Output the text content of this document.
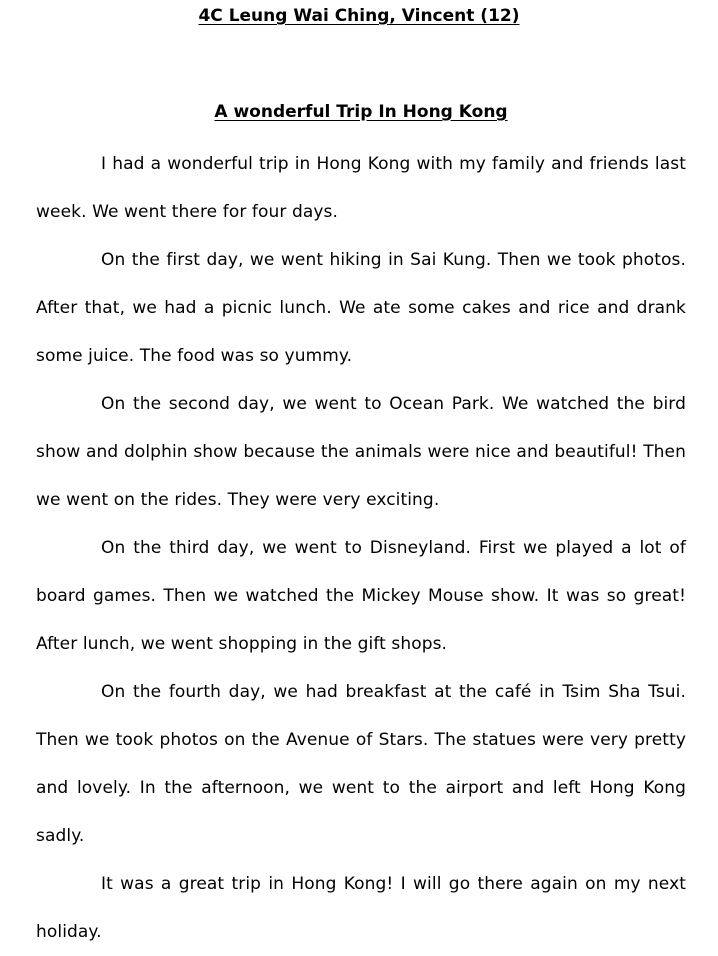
4C Leung Wai Ching, Vincent (12)
A wonderful Trip In Hong Kong

I had a wonderful trip in Hong Kong with my family and friends last week. We went there for four days.

On the first day, we went hiking in Sai Kung. Then we took photos. After that, we had a picnic lunch. We ate some cakes and rice and drank some juice. The food was so yummy.

On the second day, we went to Ocean Park. We watched the bird show and dolphin show because the animals were nice and beautiful! Then we went on the rides. They were very exciting.

On the third day, we went to Disneyland. First we played a lot of board games. Then we watched the Mickey Mouse show. It was so great! After lunch, we went shopping in the gift shops.

On the fourth day, we had breakfast at the café in Tsim Sha Tsui. Then we took photos on the Avenue of Stars. The statues were very pretty and lovely. In the afternoon, we went to the airport and left Hong Kong sadly.

It was a great trip in Hong Kong! I will go there again on my next holiday.
